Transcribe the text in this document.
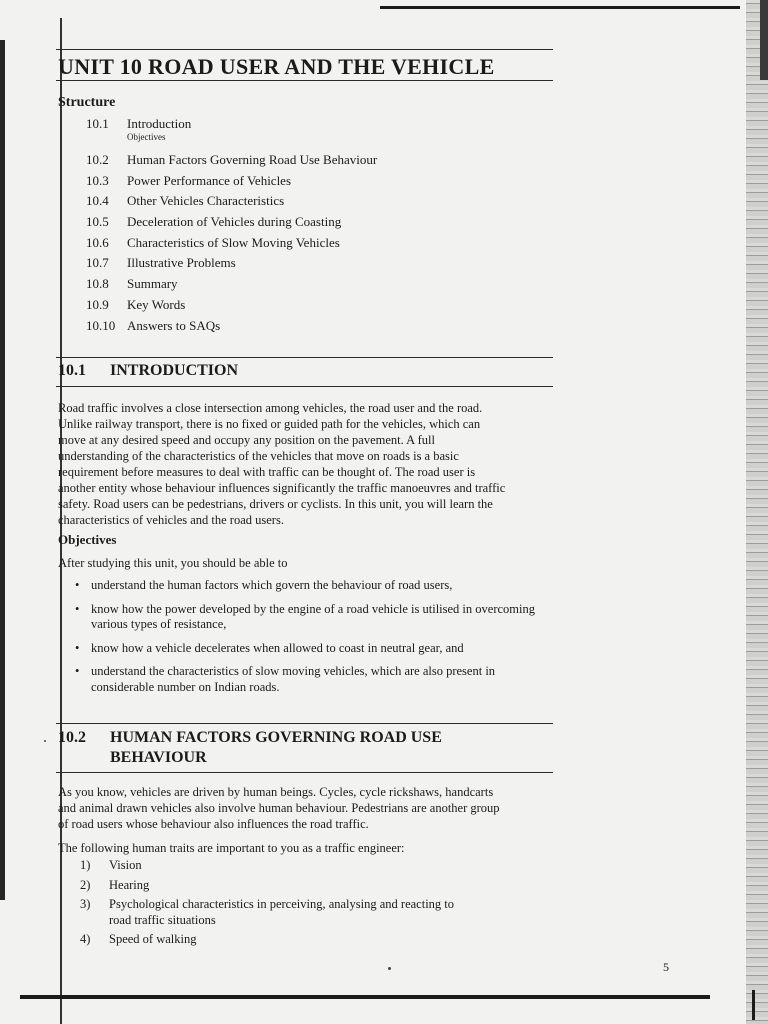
UNIT 10 ROAD USER AND THE VEHICLE
Structure
10.1 Introduction
Objectives
10.2 Human Factors Governing Road Use Behaviour
10.3 Power Performance of Vehicles
10.4 Other Vehicles Characteristics
10.5 Deceleration of Vehicles during Coasting
10.6 Characteristics of Slow Moving Vehicles
10.7 Illustrative Problems
10.8 Summary
10.9 Key Words
10.10 Answers to SAQs
10.1 INTRODUCTION
Road traffic involves a close intersection among vehicles, the road user and the road.
Unlike railway transport, there is no fixed or guided path for the vehicles, which can
move at any desired speed and occupy any position on the pavement. A full
understanding of the characteristics of the vehicles that move on roads is a basic
requirement before measures to deal with traffic can be thought of. The road user is
another entity whose behaviour influences significantly the traffic manoeuvres and traffic
safety. Road users can be pedestrians, drivers or cyclists. In this unit, you will learn the
characteristics of vehicles and the road users.
Objectives
After studying this unit, you should be able to
• understand the human factors which govern the behaviour of road users,
• know how the power developed by the engine of a road vehicle is utilised in overcoming various types of resistance,
• know how a vehicle decelerates when allowed to coast in neutral gear, and
• understand the characteristics of slow moving vehicles, which are also present in considerable number on Indian roads.
10.2 HUMAN FACTORS GOVERNING ROAD USE
BEHAVIOUR
As you know, vehicles are driven by human beings. Cycles, cycle rickshaws, handcarts
and animal drawn vehicles also involve human behaviour. Pedestrians are another group
of road users whose behaviour also influences the road traffic.
The following human traits are important to you as a traffic engineer:
1) Vision
2) Hearing
3) Psychological characteristics in perceiving, analysing and reacting to road traffic situations
4) Speed of walking
5
